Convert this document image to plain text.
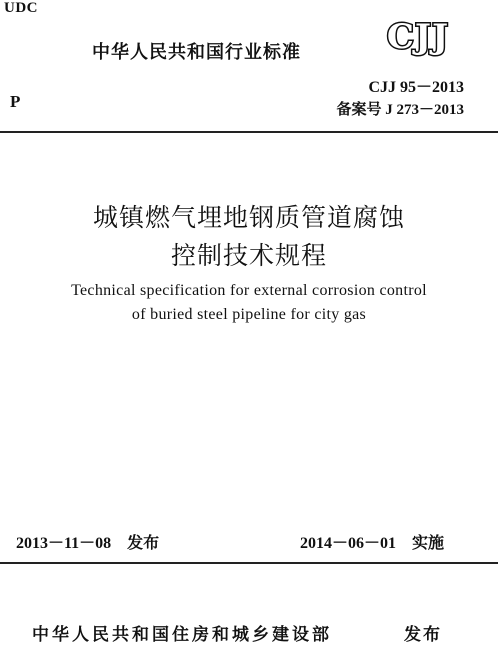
UDC
中华人民共和国行业标准	CJJ
CJJ 95－2013
P	备案号 J 273－2013
城镇燃气埋地钢质管道腐蚀
控制技术规程
Technical specification for external corrosion control
of buried steel pipeline for city gas
2013－11－08　发布	2014－06－01　实施
中华人民共和国住房和城乡建设部	发布
